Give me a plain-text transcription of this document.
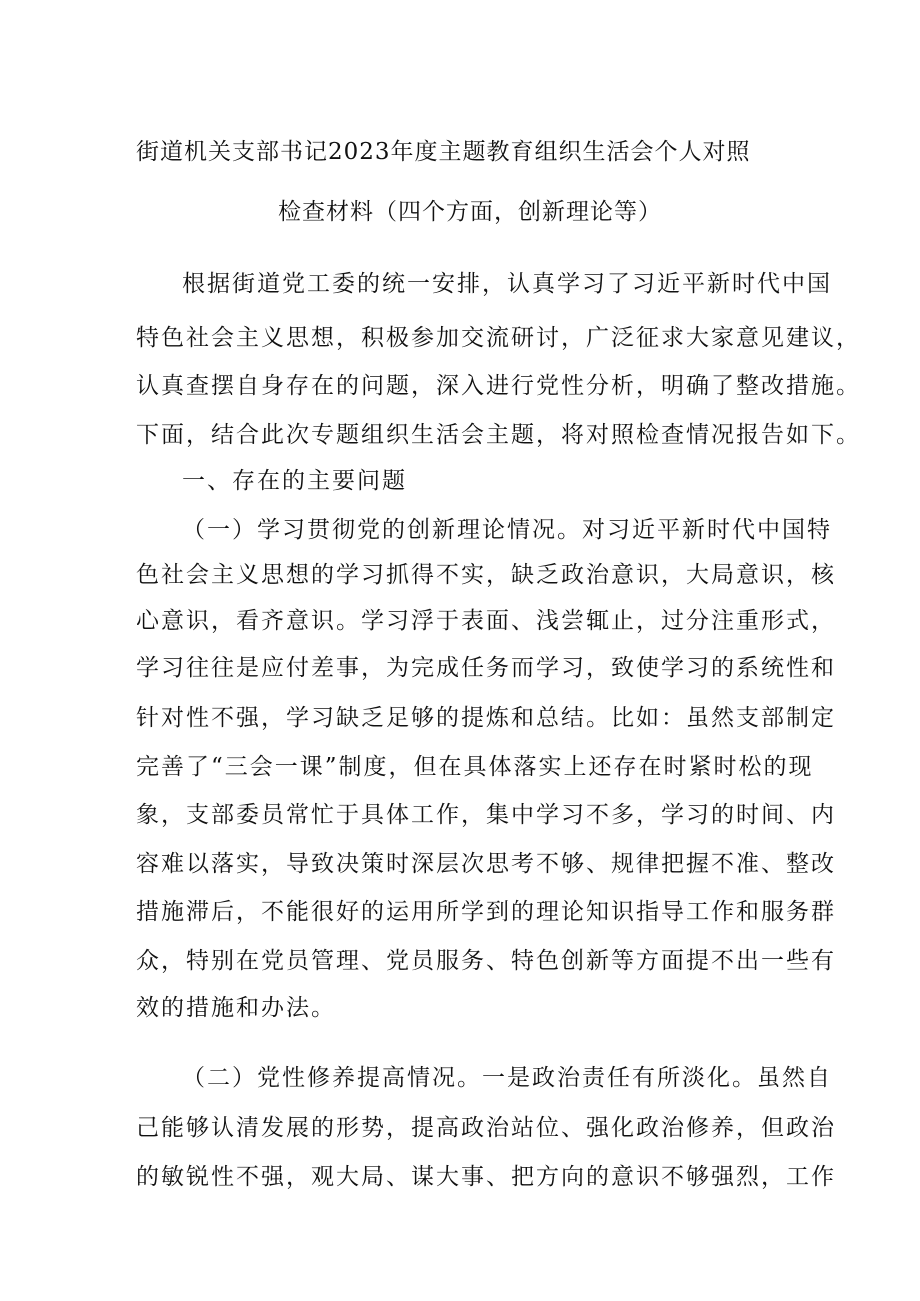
街道机关支部书记2023年度主题教育组织生活会个人对照
检查材料（四个方面，创新理论等）
根据街道党工委的统一安排，认真学习了习近平新时代中国
特色社会主义思想，积极参加交流研讨，广泛征求大家意见建议，
认真查摆自身存在的问题，深入进行党性分析，明确了整改措施。
下面，结合此次专题组织生活会主题，将对照检查情况报告如下。
一、存在的主要问题
（一）学习贯彻党的创新理论情况。对习近平新时代中国特
色社会主义思想的学习抓得不实，缺乏政治意识，大局意识，核
心意识，看齐意识。学习浮于表面、浅尝辄止，过分注重形式，
学习往往是应付差事，为完成任务而学习，致使学习的系统性和
针对性不强，学习缺乏足够的提炼和总结。比如：虽然支部制定
完善了“三会一课”制度，但在具体落实上还存在时紧时松的现
象，支部委员常忙于具体工作，集中学习不多，学习的时间、内
容难以落实，导致决策时深层次思考不够、规律把握不准、整改
措施滞后，不能很好的运用所学到的理论知识指导工作和服务群
众，特别在党员管理、党员服务、特色创新等方面提不出一些有
效的措施和办法。
（二）党性修养提高情况。一是政治责任有所淡化。虽然自
己能够认清发展的形势，提高政治站位、强化政治修养，但政治
的敏锐性不强，观大局、谋大事、把方向的意识不够强烈，工作
